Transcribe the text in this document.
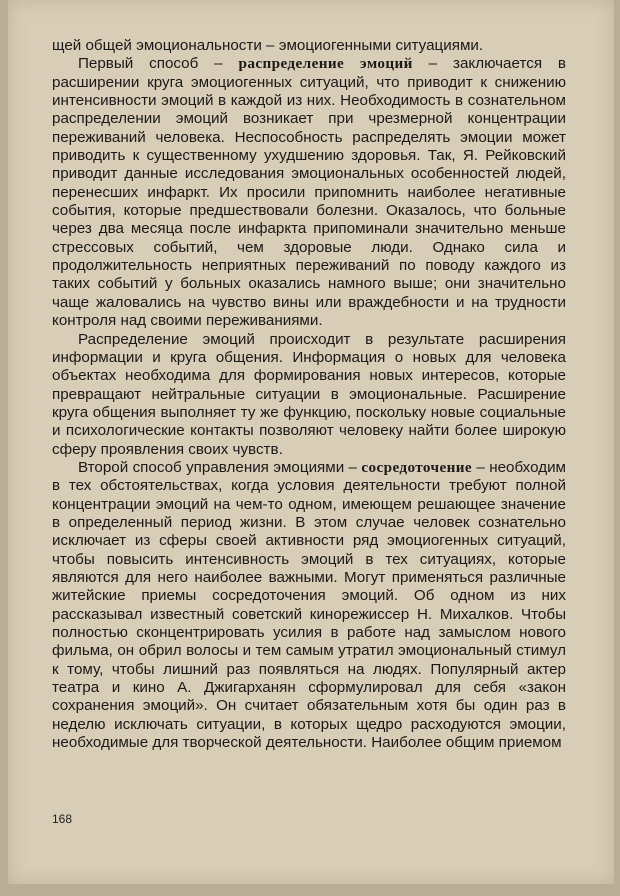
щей общей эмоциональности – эмоциогенными ситуациями.

Первый способ – распределение эмоций – заключается в расширении круга эмоциогенных ситуаций, что приводит к снижению интенсивности эмоций в каждой из них. Необходимость в сознательном распределении эмоций возникает при чрезмерной концентрации переживаний человека. Неспособность распределять эмоции может приводить к существенному ухудшению здоровья. Так, Я. Рейковский приводит данные исследования эмоциональных особенностей людей, перенесших инфаркт. Их просили припомнить наиболее негативные события, которые предшествовали болезни. Оказалось, что больные через два месяца после инфаркта припоминали значительно меньше стрессовых событий, чем здоровые люди. Однако сила и продолжительность неприятных переживаний по поводу каждого из таких событий у больных оказались намного выше; они значительно чаще жаловались на чувство вины или враждебности и на трудности контроля над своими переживаниями.

Распределение эмоций происходит в результате расширения информации и круга общения. Информация о новых для человека объектах необходима для формирования новых интересов, которые превращают нейтральные ситуации в эмоциональные. Расширение круга общения выполняет ту же функцию, поскольку новые социальные и психологические контакты позволяют человеку найти более широкую сферу проявления своих чувств.

Второй способ управления эмоциями – сосредоточение – необходим в тех обстоятельствах, когда условия деятельности требуют полной концентрации эмоций на чем-то одном, имеющем решающее значение в определенный период жизни. В этом случае человек сознательно исключает из сферы своей активности ряд эмоциогенных ситуаций, чтобы повысить интенсивность эмоций в тех ситуациях, которые являются для него наиболее важными. Могут применяться различные житейские приемы сосредоточения эмоций. Об одном из них рассказывал известный советский кинорежиссер Н. Михалков. Чтобы полностью сконцентрировать усилия в работе над замыслом нового фильма, он обрил волосы и тем самым утратил эмоциональный стимул к тому, чтобы лишний раз появляться на людях. Популярный актер театра и кино А. Джигарханян сформулировал для себя «закон сохранения эмоций». Он считает обязательным хотя бы один раз в неделю исключать ситуации, в которых щедро расходуются эмоции, необходимые для творческой деятельности. Наиболее общим приемом

168
